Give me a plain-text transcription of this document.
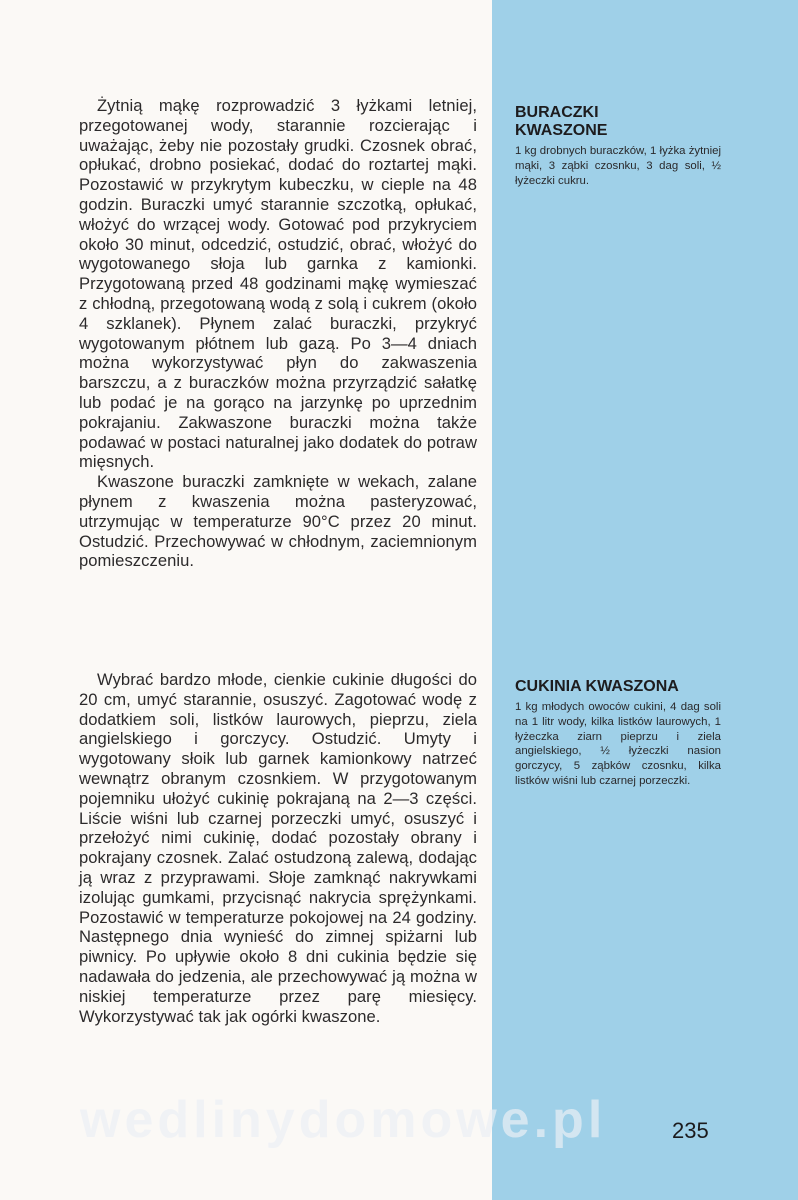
Żytnią mąkę rozprowadzić 3 łyżkami letniej, przegotowanej wody, starannie rozcierając i uważając, żeby nie pozostały grudki. Czosnek obrać, opłukać, drobno posiekać, dodać do roztartej mąki. Pozostawić w przykrytym kubeczku, w cieple na 48 godzin. Buraczki umyć starannie szczotką, opłukać, włożyć do wrzącej wody. Gotować pod przykryciem około 30 minut, odcedzić, ostudzić, obrać, włożyć do wygotowanego słoja lub garnka z kamionki. Przygotowaną przed 48 godzinami mąkę wymieszać z chłodną, przegotowaną wodą z solą i cukrem (około 4 szklanek). Płynem zalać buraczki, przykryć wygotowanym płótnem lub gazą. Po 3—4 dniach można wykorzystywać płyn do zakwaszenia barszczu, a z buraczków można przyrządzić sałatkę lub podać je na gorąco na jarzynkę po uprzednim pokrajaniu. Zakwaszone buraczki można także podawać w postaci naturalnej jako dodatek do potraw mięsnych.

Kwaszone buraczki zamknięte w wekach, zalane płynem z kwaszenia można pasteryzować, utrzymując w temperaturze 90°C przez 20 minut. Ostudzić. Przechowywać w chłodnym, zaciemnionym pomieszczeniu.

BURACZKI
KWASZONE

1 kg drobnych buraczków, 1 łyżka żytniej mąki, 3 ząbki czosnku, 3 dag soli, ½ łyżeczki cukru.

Wybrać bardzo młode, cienkie cukinie długości do 20 cm, umyć starannie, osuszyć. Zagotować wodę z dodatkiem soli, listków laurowych, pieprzu, ziela angielskiego i gorczycy. Ostudzić. Umyty i wygotowany słoik lub garnek kamionkowy natrzeć wewnątrz obranym czosnkiem. W przygotowanym pojemniku ułożyć cukinię pokrajaną na 2—3 części. Liście wiśni lub czarnej porzeczki umyć, osuszyć i przełożyć nimi cukinię, dodać pozostały obrany i pokrajany czosnek. Zalać ostudzoną zalewą, dodając ją wraz z przyprawami. Słoje zamknąć nakrywkami izolując gumkami, przycisnąć nakrycia sprężynkami. Pozostawić w temperaturze pokojowej na 24 godziny. Następnego dnia wynieść do zimnej spiżarni lub piwnicy. Po upływie około 8 dni cukinia będzie się nadawała do jedzenia, ale przechowywać ją można w niskiej temperaturze przez parę miesięcy. Wykorzystywać tak jak ogórki kwaszone.

CUKINIA KWASZONA

1 kg młodych owoców cukini, 4 dag soli na 1 litr wody, kilka listków laurowych, 1 łyżeczka ziarn pieprzu i ziela angielskiego, ½ łyżeczki nasion gorczycy, 5 ząbków czosnku, kilka listków wiśni lub czarnej porzeczki.

wedlinydomowe.pl	235
